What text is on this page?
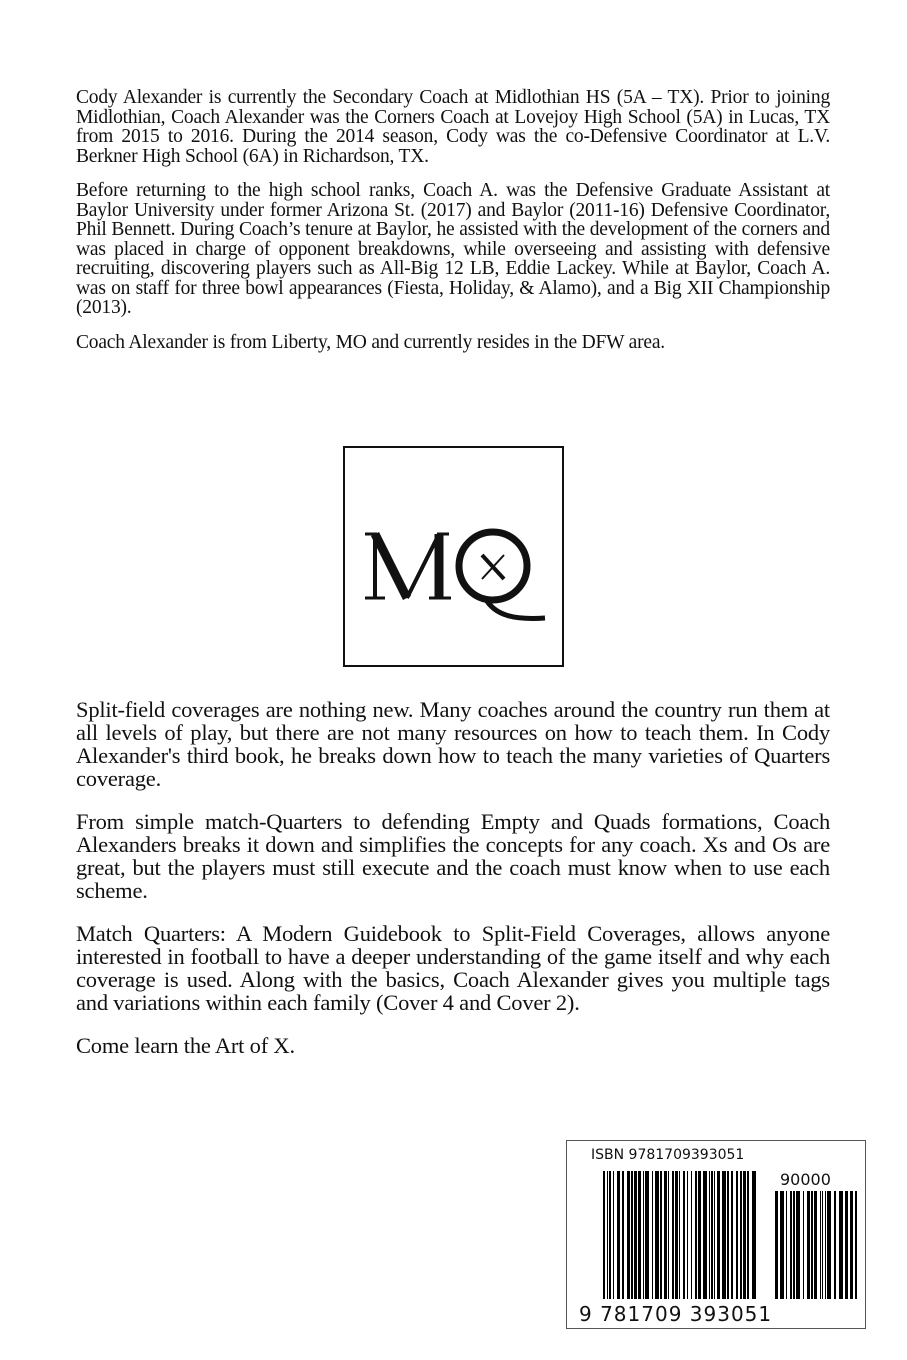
Cody Alexander is currently the Secondary Coach at Midlothian HS (5A – TX). Prior to joining Midlothian, Coach Alexander was the Corners Coach at Lovejoy High School (5A) in Lucas, TX from 2015 to 2016. During the 2014 season, Cody was the co-Defensive Coordinator at L.V. Berkner High School (6A) in Richardson, TX.

Before returning to the high school ranks, Coach A. was the Defensive Graduate Assistant at Baylor University under former Arizona St. (2017) and Baylor (2011-16) Defensive Coordinator, Phil Bennett. During Coach’s tenure at Baylor, he assisted with the development of the corners and was placed in charge of opponent breakdowns, while overseeing and assisting with defensive recruiting, discovering players such as All-Big 12 LB, Eddie Lackey. While at Baylor, Coach A. was on staff for three bowl appearances (Fiesta, Holiday, & Alamo), and a Big XII Championship (2013).

Coach Alexander is from Liberty, MO and currently resides in the DFW area.

Split-field coverages are nothing new. Many coaches around the country run them at all levels of play, but there are not many resources on how to teach them. In Cody Alexander's third book, he breaks down how to teach the many varieties of Quarters coverage.

From simple match-Quarters to defending Empty and Quads formations, Coach Alexanders breaks it down and simplifies the concepts for any coach. Xs and Os are great, but the players must still execute and the coach must know when to use each scheme.

Match Quarters: A Modern Guidebook to Split-Field Coverages, allows anyone interested in football to have a deeper understanding of the game itself and why each coverage is used. Along with the basics, Coach Alexander gives you multiple tags and variations within each family (Cover 4 and Cover 2).

Come learn the Art of X.

ISBN 9781709393051
90000
9 781709 393051
